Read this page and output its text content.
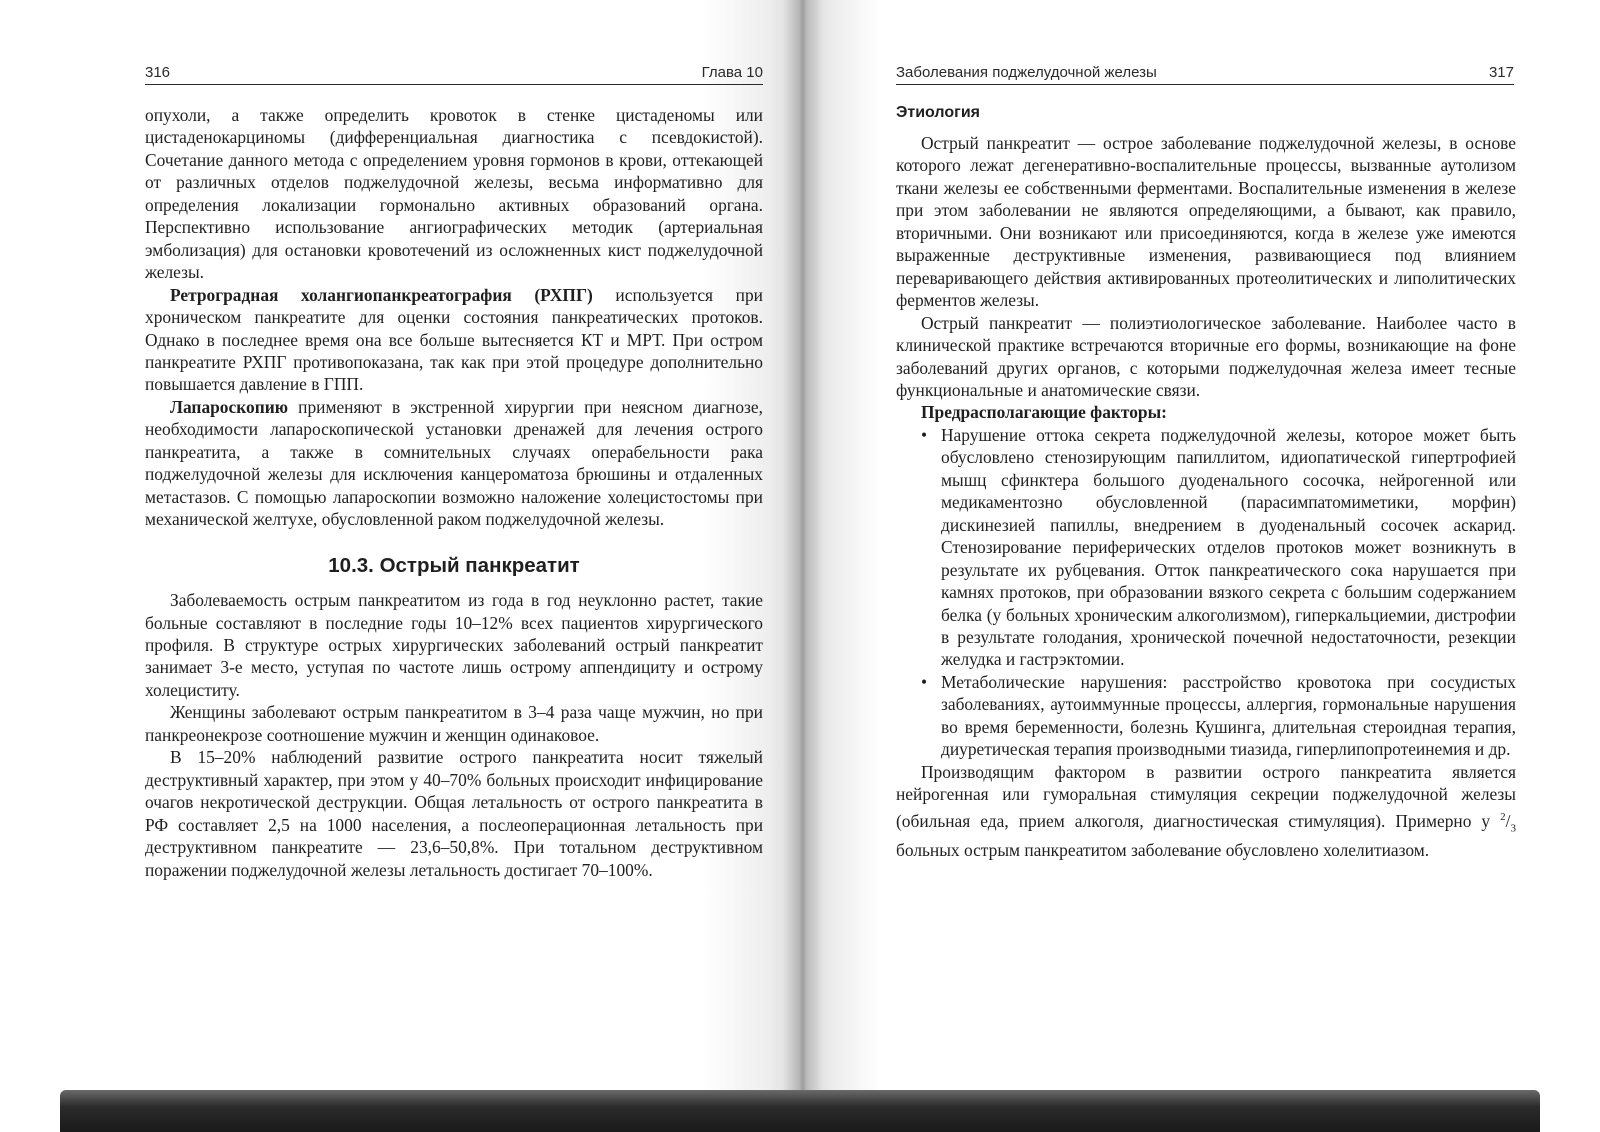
316	Глава 10	Заболевания поджелудочной железы	317

опухоли, а также определить кровоток в стенке цистаденомы или цистаденокарциномы (дифференциальная диагностика с псевдокистой). Сочетание данного метода с определением уровня гормонов в крови, оттекающей от различных отделов поджелудочной железы, весьма информативно для определения локализации гормонально активных образований органа. Перспективно использование ангиографических методик (артериальная эмболизация) для остановки кровотечений из осложненных кист поджелудочной железы.

Ретроградная холангиопанкреатография (РХПГ) используется при хроническом панкреатите для оценки состояния панкреатических протоков. Однако в последнее время она все больше вытесняется КТ и МРТ. При остром панкреатите РХПГ противопоказана, так как при этой процедуре дополнительно повышается давление в ГПП.

Лапароскопию применяют в экстренной хирургии при неясном диагнозе, необходимости лапароскопической установки дренажей для лечения острого панкреатита, а также в сомнительных случаях операбельности рака поджелудочной железы для исключения канцероматоза брюшины и отдаленных метастазов. С помощью лапароскопии возможно наложение холецистостомы при механической желтухе, обусловленной раком поджелудочной железы.

10.3. Острый панкреатит

Заболеваемость острым панкреатитом из года в год неуклонно растет, такие больные составляют в последние годы 10–12% всех пациентов хирургического профиля. В структуре острых хирургических заболеваний острый панкреатит занимает 3-е место, уступая по частоте лишь острому аппендициту и острому холециститу.

Женщины заболевают острым панкреатитом в 3–4 раза чаще мужчин, но при панкреонекрозе соотношение мужчин и женщин одинаковое.

В 15–20% наблюдений развитие острого панкреатита носит тяжелый деструктивный характер, при этом у 40–70% больных происходит инфицирование очагов некротической деструкции. Общая летальность от острого панкреатита в РФ составляет 2,5 на 1000 населения, а послеоперационная летальность при деструктивном панкреатите — 23,6–50,8%. При тотальном деструктивном поражении поджелудочной железы летальность достигает 70–100%.

Этиология

Острый панкреатит — острое заболевание поджелудочной железы, в основе которого лежат дегенеративно-воспалительные процессы, вызванные аутолизом ткани железы ее собственными ферментами. Воспалительные изменения в железе при этом заболевании не являются определяющими, а бывают, как правило, вторичными. Они возникают или присоединяются, когда в железе уже имеются выраженные деструктивные изменения, развивающиеся под влиянием переваривающего действия активированных протеолитических и липолитических ферментов железы.

Острый панкреатит — полиэтиологическое заболевание. Наиболее часто в клинической практике встречаются вторичные его формы, возникающие на фоне заболеваний других органов, с которыми поджелудочная железа имеет тесные функциональные и анатомические связи.

Предрасполагающие факторы:

• Нарушение оттока секрета поджелудочной железы, которое может быть обусловлено стенозирующим папиллитом, идиопатической гипертрофией мышц сфинктера большого дуоденального сосочка, нейрогенной или медикаментозно обусловленной (парасимпатомиметики, морфин) дискинезией папиллы, внедрением в дуоденальный сосочек аскарид. Стенозирование периферических отделов протоков может возникнуть в результате их рубцевания. Отток панкреатического сока нарушается при камнях протоков, при образовании вязкого секрета с большим содержанием белка (у больных хроническим алкоголизмом), гиперкальциемии, дистрофии в результате голодания, хронической почечной недостаточности, резекции желудка и гастрэктомии.
• Метаболические нарушения: расстройство кровотока при сосудистых заболеваниях, аутоиммунные процессы, аллергия, гормональные нарушения во время беременности, болезнь Кушинга, длительная стероидная терапия, диуретическая терапия производными тиазида, гиперлипопротеинемия и др.

Производящим фактором в развитии острого панкреатита является нейрогенная или гуморальная стимуляция секреции поджелудочной железы (обильная еда, прием алкоголя, диагностическая стимуляция). Примерно у $^2/_3$ больных острым панкреатитом заболевание обусловлено холелитиазом.
